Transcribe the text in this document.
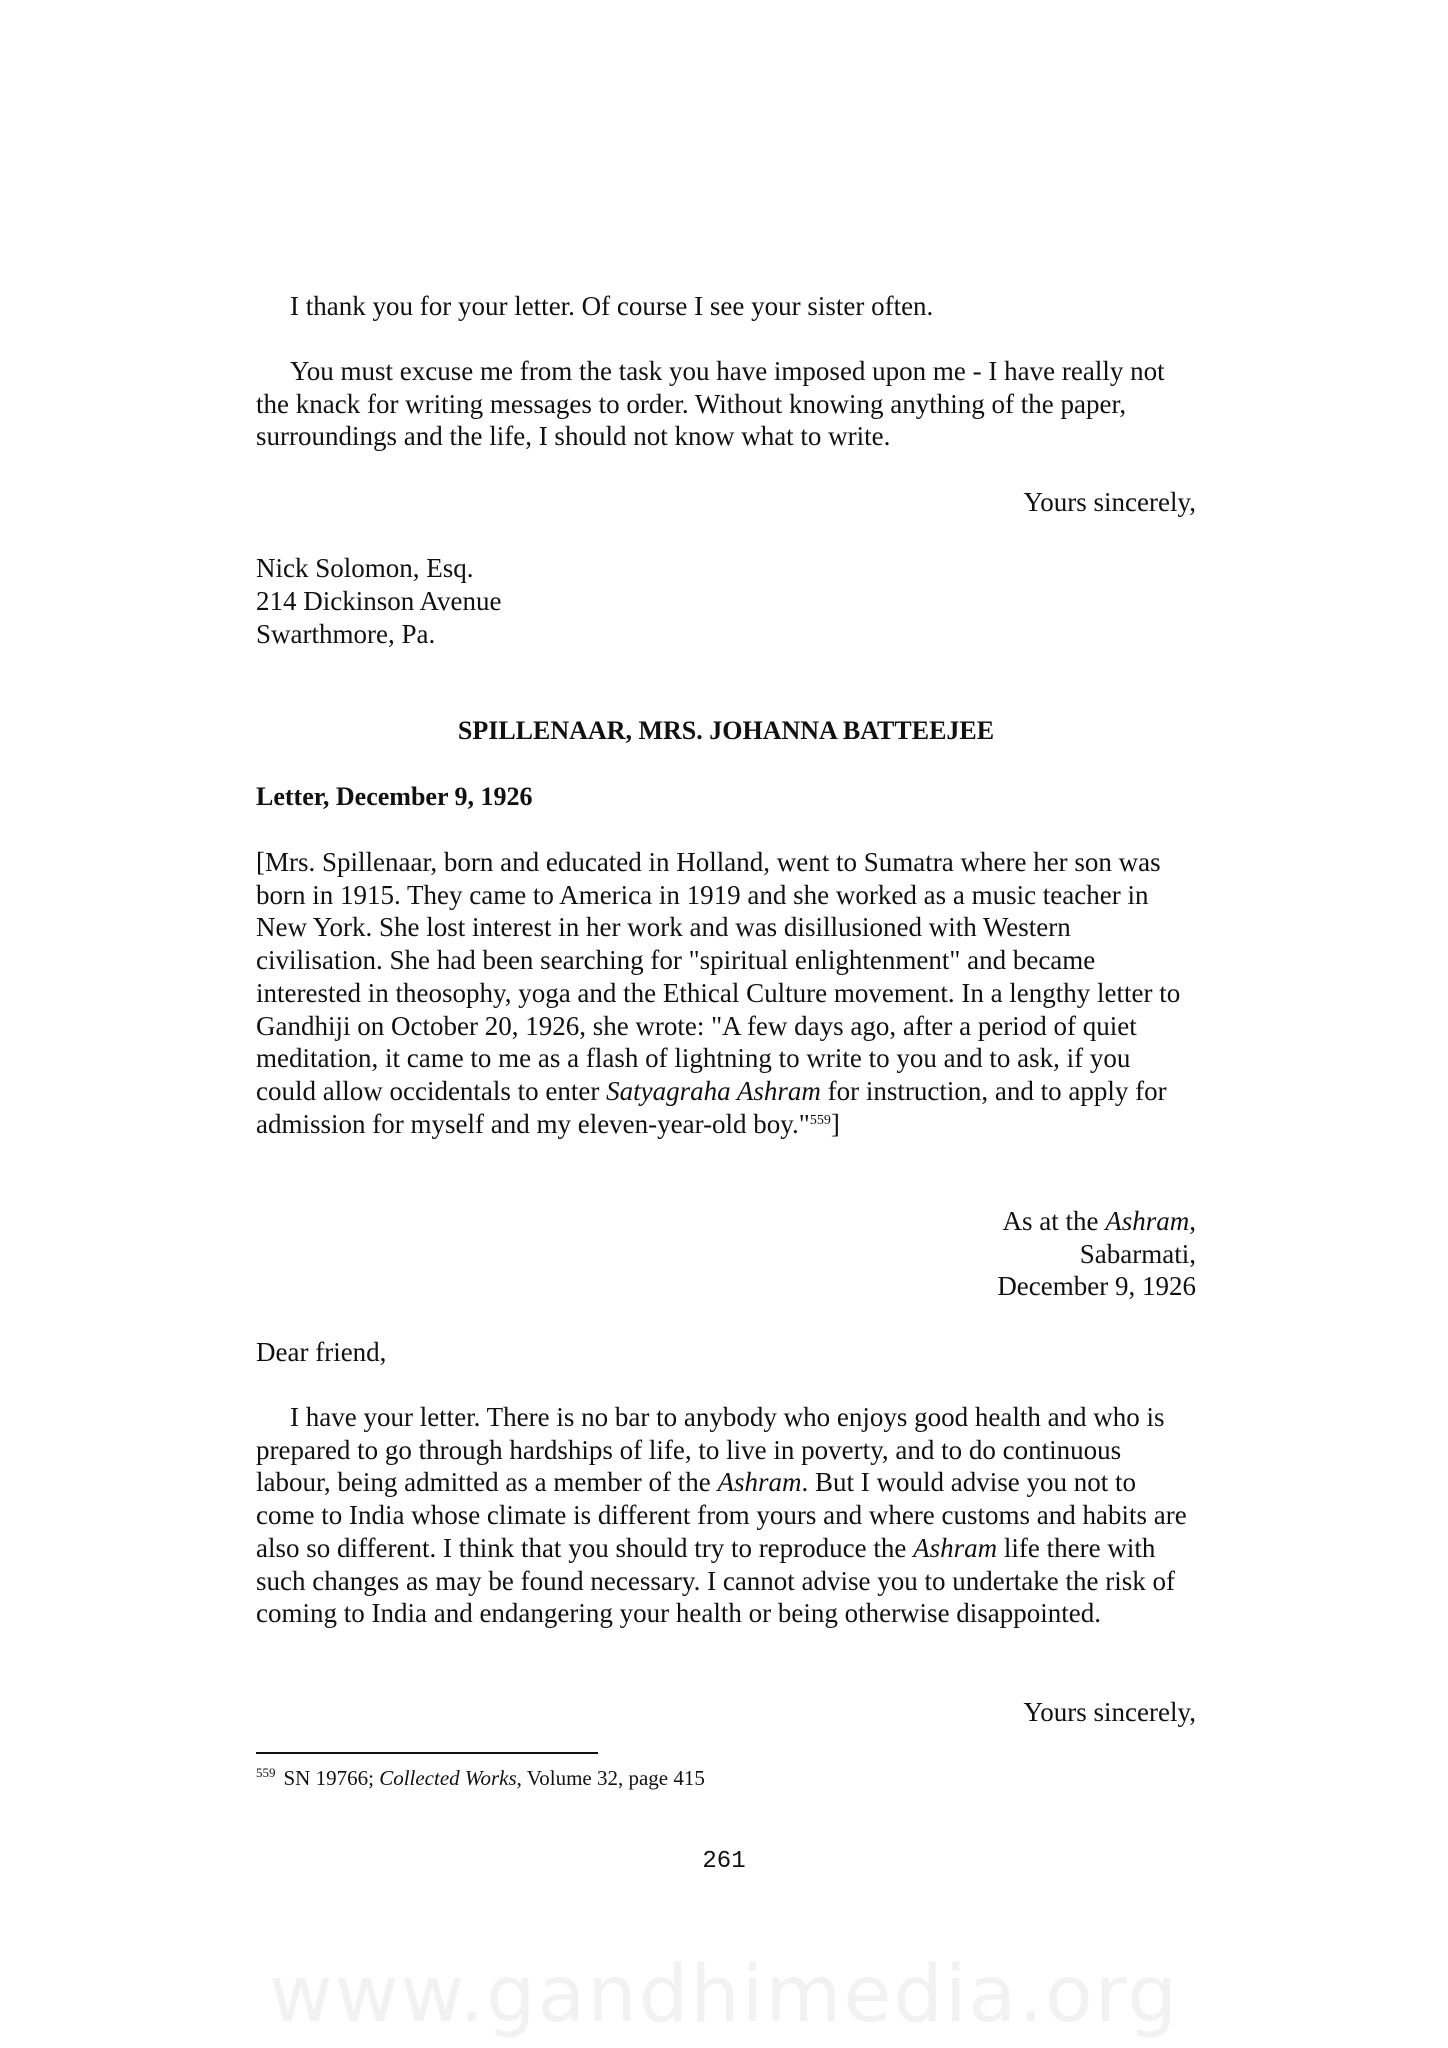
I thank you for your letter. Of course I see your sister often.
You must excuse me from the task you have imposed upon me - I have really not the knack for writing messages to order. Without knowing anything of the paper, surroundings and the life, I should not know what to write.
Yours sincerely,
Nick Solomon, Esq.
214 Dickinson Avenue
Swarthmore, Pa.
SPILLENAAR, MRS. JOHANNA BATTEEJEE
Letter, December 9, 1926
[Mrs. Spillenaar, born and educated in Holland, went to Sumatra where her son was born in 1915. They came to America in 1919 and she worked as a music teacher in New York. She lost interest in her work and was disillusioned with Western civilisation. She had been searching for "spiritual enlightenment" and became interested in theosophy, yoga and the Ethical Culture movement. In a lengthy letter to Gandhiji on October 20, 1926, she wrote: "A few days ago, after a period of quiet meditation, it came to me as a flash of lightning to write to you and to ask, if you could allow occidentals to enter Satyagraha Ashram for instruction, and to apply for admission for myself and my eleven-year-old boy."$^{559}$]
As at the Ashram,
Sabarmati,
December 9, 1926
Dear friend,
I have your letter. There is no bar to anybody who enjoys good health and who is prepared to go through hardships of life, to live in poverty, and to do continuous labour, being admitted as a member of the Ashram. But I would advise you not to come to India whose climate is different from yours and where customs and habits are also so different. I think that you should try to reproduce the Ashram life there with such changes as may be found necessary. I cannot advise you to undertake the risk of coming to India and endangering your health or being otherwise disappointed.
Yours sincerely,
$^{559}$ SN 19766; Collected Works, Volume 32, page 415
261
www.gandhimedia.org
